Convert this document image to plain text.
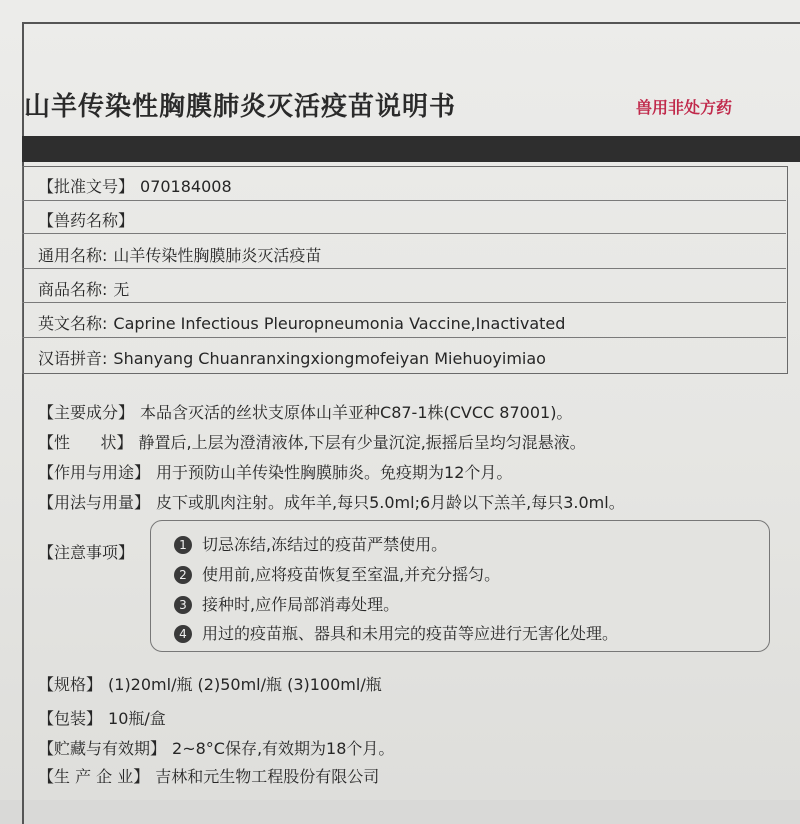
山羊传染性胸膜肺炎灭活疫苗说明书	兽用非处方药
【批准文号】 070184008
【兽药名称】
通用名称: 山羊传染性胸膜肺炎灭活疫苗
商品名称: 无
英文名称: Caprine Infectious Pleuropneumonia Vaccine,Inactivated
汉语拼音: Shanyang Chuanranxingxiongmofeiyan Miehuoyimiao
【主要成分】 本品含灭活的丝状支原体山羊亚种C87-1株(CVCC 87001)。
【性      状】 静置后,上层为澄清液体,下层有少量沉淀,振摇后呈均匀混悬液。
【作用与用途】 用于预防山羊传染性胸膜肺炎。免疫期为12个月。
【用法与用量】 皮下或肌肉注射。成年羊,每只5.0ml;6月龄以下羔羊,每只3.0ml。
【注意事项】	1 切忌冻结,冻结过的疫苗严禁使用。
2 使用前,应将疫苗恢复至室温,并充分摇匀。
3 接种时,应作局部消毒处理。
4 用过的疫苗瓶、器具和未用完的疫苗等应进行无害化处理。
【规格】 (1)20ml/瓶 (2)50ml/瓶 (3)100ml/瓶
【包装】 10瓶/盒
【贮藏与有效期】 2~8°C保存,有效期为18个月。
【生 产 企 业】 吉林和元生物工程股份有限公司
